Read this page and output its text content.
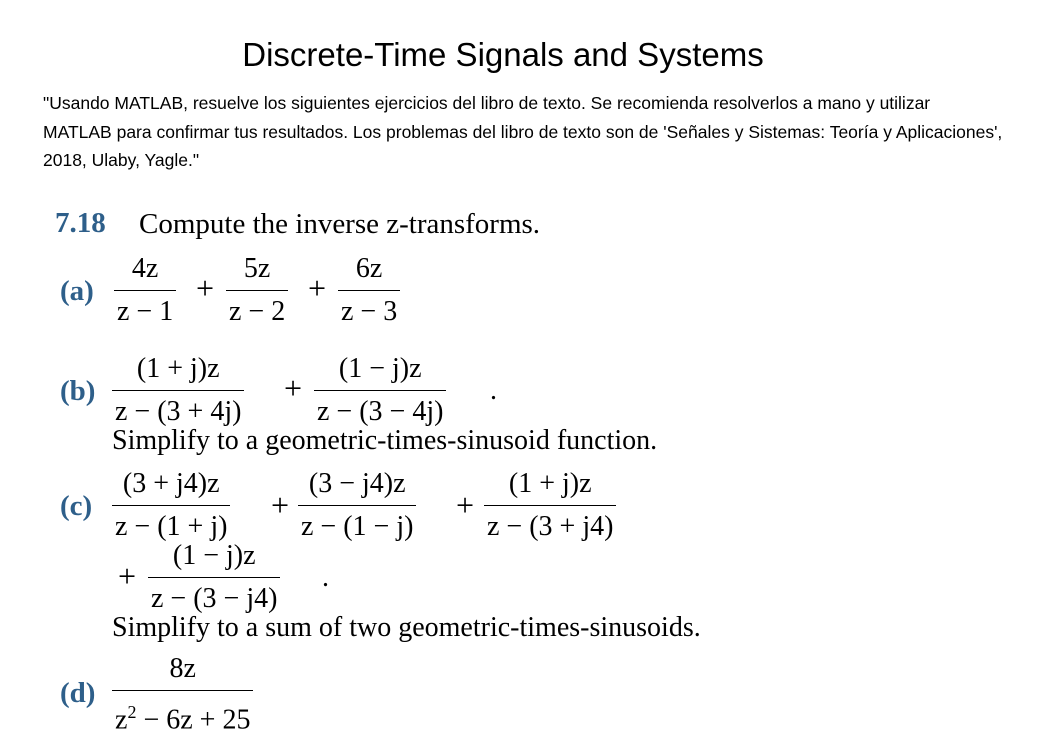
Discrete-Time Signals and Systems
"Usando MATLAB, resuelve los siguientes ejercicios del libro de texto. Se recomienda resolverlos a mano y utilizar MATLAB para confirmar tus resultados. Los problemas del libro de texto son de 'Señales y Sistemas: Teoría y Aplicaciones', 2018, Ulaby, Yagle."
7.18 Compute the inverse z-transforms.
$(a) \frac{4z}{z - 1} + \frac{5z}{z - 2} + \frac{6z}{z - 3}$
$(b) \frac{(1 + j)z}{z - (3 + 4j)} + \frac{(1 - j)z}{z - (3 - 4j)}$ .
Simplify to a geometric-times-sinusoid function.
$(c) \frac{(3 + j4)z}{z - (1 + j)} + \frac{(3 - j4)z}{z - (1 - j)} + \frac{(1 + j)z}{z - (3 + j4)}$
+ $\frac{(1 - j)z}{z - (3 - j4)}$ .
Simplify to a sum of two geometric-times-sinusoids.
$(d) \frac{8z}{z^2 - 6z + 25}$
